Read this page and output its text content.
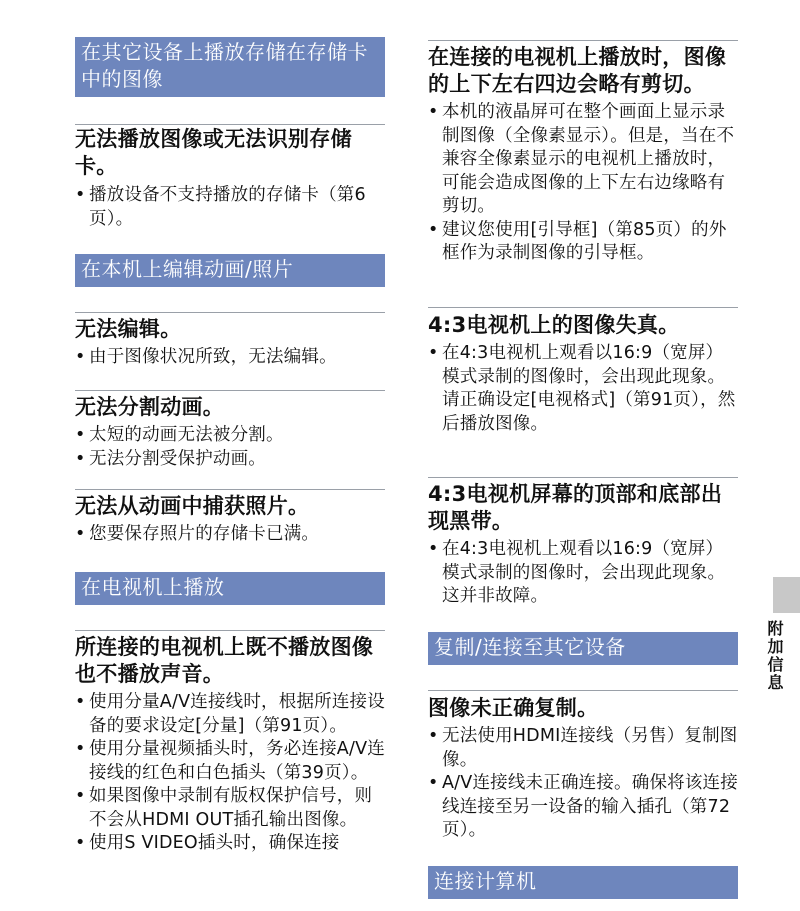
在其它设备上播放存储在存储卡中的图像

无法播放图像或无法识别存储卡。

• 播放设备不支持播放的存储卡（第6页）。
在本机上编辑动画/照片

无法编辑。

• 由于图像状况所致，无法编辑。

无法分割动画。

• 太短的动画无法被分割。
• 无法分割受保护动画。

无法从动画中捕获照片。

• 您要保存照片的存储卡已满。
在电视机上播放

所连接的电视机上既不播放图像也不播放声音。

• 使用分量A/V连接线时，根据所连接设备的要求设定[分量]（第91页）。
• 使用分量视频插头时，务必连接A/V连接线的红色和白色插头（第39页）。
• 如果图像中录制有版权保护信号，则不会从HDMI OUT插孔输出图像。
• 使用S VIDEO插头时，确保连接

在连接的电视机上播放时，图像的上下左右四边会略有剪切。

• 本机的液晶屏可在整个画面上显示录制图像（全像素显示）。但是，当在不兼容全像素显示的电视机上播放时，可能会造成图像的上下左右边缘略有剪切。
• 建议您使用[引导框]（第85页）的外框作为录制图像的引导框。

4:3电视机上的图像失真。

• 在4:3电视机上观看以16:9（宽屏）模式录制的图像时，会出现此现象。请正确设定[电视格式]（第91页），然后播放图像。

4:3电视机屏幕的顶部和底部出现黑带。

• 在4:3电视机上观看以16:9（宽屏）模式录制的图像时，会出现此现象。这并非故障。
复制/连接至其它设备

图像未正确复制。

• 无法使用HDMI连接线（另售）复制图像。
• A/V连接线未正确连接。确保将该连接线连接至另一设备的输入插孔（第72页）。
连接计算机
附加信息
